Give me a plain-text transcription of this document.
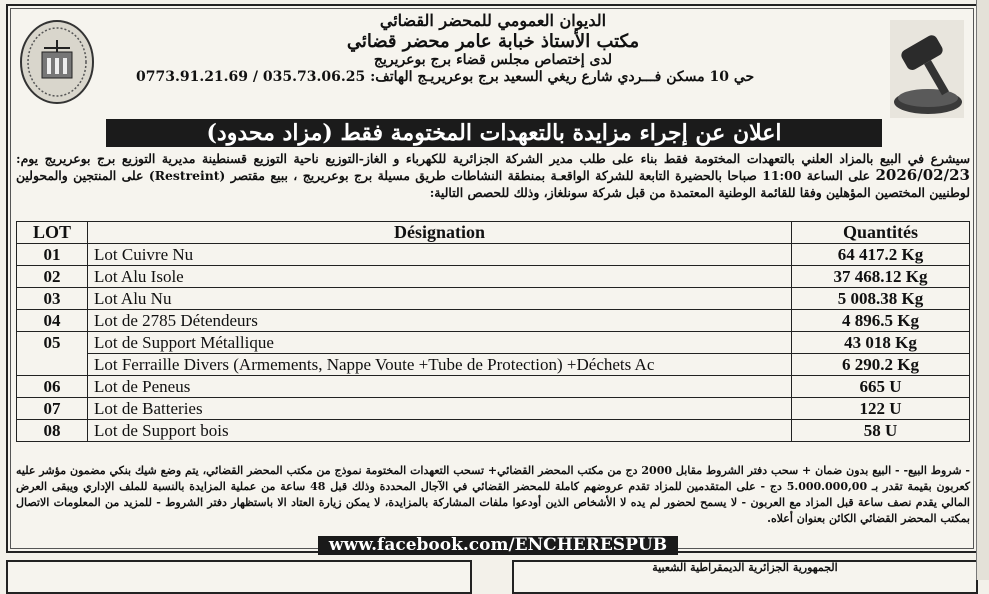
الديوان العمومي للمحضر القضائي
مكتب الأستاذ خبابة عامر محضر قضائي
لدى إختصاص مجلس قضاء برج بوعريريج
حي 10 مسكن فـــردي شارع ريغي السعيد برج بوعريريـج الهاتف: 035.73.06.25 / 0773.91.21.69
اعلان عن إجراء مزايدة بالتعهدات المختومة فقط (مزاد محدود)
سيشرع في البيع بالمزاد العلني بالتعهدات المختومة فقط بناء على طلب مدير الشركة الجزائرية للكهرباء و الغاز-التوزيع ناحية التوزيع قسنطينة مديرية التوزيع برج بوعريريج يوم: 2026/02/23 على الساعة 11:00 صباحا بالحضيرة التابعة للشركة الواقعـة بمنطقة النشاطات طريق مسيلة برج بوعريريج ، ببيع مقتصر (Restreint) على المنتجين والمحولين لوطنيين المختصين المؤهلين وفقا للقائمة الوطنية المعتمدة من قبل شركة سونلغاز، وذلك للحصص التالية:
LOT	Désignation	Quantités
01	Lot Cuivre Nu	64 417.2 Kg
02	Lot Alu Isole	37 468.12 Kg
03	Lot Alu Nu	5 008.38 Kg
04	Lot de 2785 Détendeurs	4 896.5 Kg
05	Lot de Support Métallique	43 018 Kg
	Lot Ferraille Divers (Armements, Nappe Voute +Tube de Protection) +Déchets Ac	6 290.2 Kg
06	Lot de Peneus	665 U
07	Lot de Batteries	122 U
08	Lot de Support bois	58 U
- شروط البيع- - البيع بدون ضمان + سحب دفتر الشروط مقابل 2000 دج من مكتب المحضر القضائي+ تسحب التعهدات المختومة نموذج من مكتب المحضر القضائي، يتم وضع شيك بنكي مضمون مؤشر عليه كعربون بقيمة تقدر بـ 5.000.000,00 دج - على المتقدمين للمزاد تقدم عروضهم كاملة للمحضر القضائي في الآجال المحددة وذلك قبل 48 ساعة من عملية المزايدة بالنسبة للملف الإداري ويبقى العرض المالي يقدم نصف ساعة قبل المزاد مع العربون - لا يسمح لحضور لم يده لا الأشخاص الذين أودعوا ملفات المشاركة بالمزايدة، لا يمكن زيارة العتاد الا باستظهار دفتر الشروط - للمزيد من المعلومات الاتصال بمكتب المحضر القضائي الكائن بعنوان أعلاه.
www.facebook.com/ENCHERESPUB
الجمهورية الجزائرية الديمقراطية الشعبية
